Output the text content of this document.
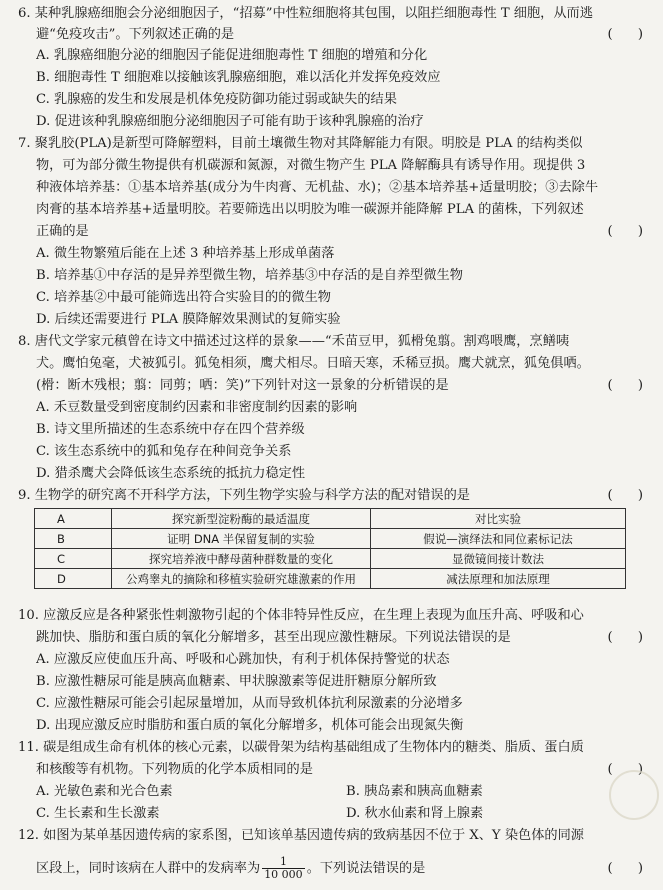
6. 某种乳腺癌细胞会分泌细胞因子，“招募”中性粒细胞将其包围，以阻拦细胞毒性 T 细胞，从而逃
避“免疫攻击”。下列叙述正确的是	(      )
A. 乳腺癌细胞分泌的细胞因子能促进细胞毒性 T 细胞的增殖和分化
B. 细胞毒性 T 细胞难以接触该乳腺癌细胞，难以活化并发挥免疫效应
C. 乳腺癌的发生和发展是机体免疫防御功能过弱或缺失的结果
D. 促进该种乳腺癌细胞分泌细胞因子可能有助于该种乳腺癌的治疗
7. 聚乳胶(PLA)是新型可降解塑料，目前土壤微生物对其降解能力有限。明胶是 PLA 的结构类似
物，可为部分微生物提供有机碳源和氮源，对微生物产生 PLA 降解酶具有诱导作用。现提供 3
种液体培养基：①基本培养基(成分为牛肉膏、无机盐、水)；②基本培养基+适量明胶；③去除牛
肉膏的基本培养基+适量明胶。若要筛选出以明胶为唯一碳源并能降解 PLA 的菌株，下列叙述
正确的是	(      )
A. 微生物繁殖后能在上述 3 种培养基上形成单菌落
B. 培养基①中存活的是异养型微生物，培养基③中存活的是自养型微生物
C. 培养基②中最可能筛选出符合实验目的的微生物
D. 后续还需要进行 PLA 膜降解效果测试的复筛实验
8. 唐代文学家元稹曾在诗文中描述过这样的景象——“禾苗豆甲，狐榾兔翦。割鸡喂鹰，烹鳝咦
犬。鹰怕兔毫，犬被狐引。狐兔相须，鹰犬相尽。日暗天寒，禾稀豆损。鹰犬就烹，狐兔俱哂。
(榾：断木残根；翦：同剪；哂：笑)”下列针对这一景象的分析错误的是	(      )
A. 禾豆数量受到密度制约因素和非密度制约因素的影响
B. 诗文里所描述的生态系统中存在四个营养级
C. 该生态系统中的狐和兔存在种间竞争关系
D. 猎杀鹰犬会降低该生态系统的抵抗力稳定性
9. 生物学的研究离不开科学方法，下列生物学实验与科学方法的配对错误的是	(      )
A	探究新型淀粉酶的最适温度	对比实验
B	证明 DNA 半保留复制的实验	假说—演绎法和同位素标记法
C	探究培养液中酵母菌种群数量的变化	显微镜间接计数法
D	公鸡睾丸的摘除和移植实验研究雄激素的作用	减法原理和加法原理
10. 应激反应是各种紧张性刺激物引起的个体非特异性反应，在生理上表现为血压升高、呼吸和心
跳加快、脂肪和蛋白质的氧化分解增多，甚至出现应激性糖尿。下列说法错误的是	(      )
A. 应激反应使血压升高、呼吸和心跳加快，有利于机体保持警觉的状态
B. 应激性糖尿可能是胰高血糖素、甲状腺激素等促进肝糖原分解所致
C. 应激性糖尿可能会引起尿量增加，从而导致机体抗利尿激素的分泌增多
D. 出现应激反应时脂肪和蛋白质的氧化分解增多，机体可能会出现氮失衡
11. 碳是组成生命有机体的核心元素，以碳骨架为结构基础组成了生物体内的糖类、脂质、蛋白质
和核酸等有机物。下列物质的化学本质相同的是	(      )
A. 光敏色素和光合色素	B. 胰岛素和胰高血糖素
C. 生长素和生长激素	D. 秋水仙素和肾上腺素
12. 如图为某单基因遗传病的家系图，已知该单基因遗传病的致病基因不位于 X、Y 染色体的同源
区段上，同时该病在人群中的发病率为 $\frac{1}{10 000}$ 。下列说法错误的是	(      )
